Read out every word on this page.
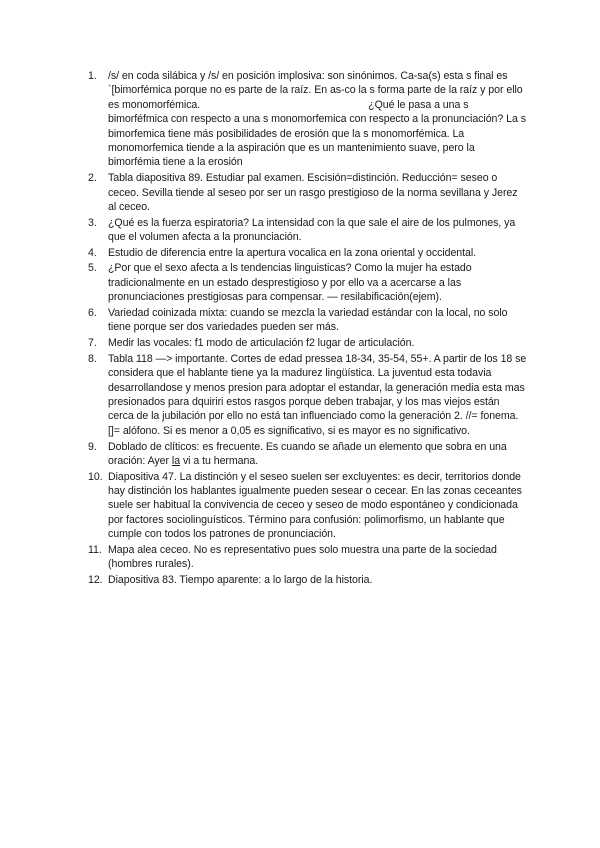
1.	/s/ en coda silábica y /s/ en posición implosiva: son sinónimos. Ca-sa(s) esta s final es `[bimorfémica porque no es parte de la raíz. En as-co la s forma parte de la raíz y por ello es monomorfémica.	¿Qué le pasa a una s bimorféfmica con respecto a una s monomorfemica con respecto a la pronunciación? La s bimorfemica tiene más posibilidades de erosión que la s monomorfémica. La monomorfemica tiende a la aspiración que es un mantenimiento suave, pero la bimorfémia tiene a la erosión
2.	Tabla diapositiva 89. Estudiar pal examen. Escisión=distinción. Reducción= seseo o ceceo. Sevilla tiende al seseo por ser un rasgo prestigioso de la norma sevillana y Jerez al ceceo.
3.	¿Qué es la fuerza espiratoria? La intensidad con la que sale el aire de los pulmones, ya que el volumen afecta a la pronunciación.
4.	Estudio de diferencia entre la apertura vocalica en la zona oriental y occidental.
5.	¿Por que el sexo afecta a ls tendencias linguisticas? Como la mujer ha estado tradicionalmente en un estado desprestigioso y por ello va a acercarse a las pronunciaciones prestigiosas para compensar. — resilabificación(ejem).
6.	Variedad coinizada mixta: cuando se mezcla la variedad estándar con la local, no solo tiene porque ser dos variedades pueden ser más.
7.	Medir las vocales: f1 modo de articulación f2 lugar de articulación.
8.	Tabla 118 —> importante. Cortes de edad pressea 18-34, 35-54, 55+. A partir de los 18 se considera que el hablante tiene ya la madurez lingüística. La juventud esta todavia desarrollandose y menos presion para adoptar el estandar, la generación media esta mas presionados para dquiriri estos rasgos porque deben trabajar, y los mas viejos están cerca de la jubilación por ello no está tan influenciado como la generación 2. //= fonema. []= alófono. Si es menor a 0,05 es significativo, si es mayor es no significativo.
9.	Doblado de clíticos: es frecuente. Es cuando se añade un elemento que sobra en una oración: Ayer la vi a tu hermana.
10. Diapositiva 47. La distinción y el seseo suelen ser excluyentes: es decir, territorios donde hay distinción los hablantes igualmente pueden sesear o cecear. En las zonas ceceantes suele ser habitual la convivencia de ceceo y seseo de modo espontáneo y condicionada por factores sociolinguísticos. Término para confusión: polimorfismo, un hablante que cumple con todos los patrones de pronunciación.
11. Mapa alea ceceo. No es representativo pues solo muestra una parte de la sociedad (hombres rurales).
12. Diapositiva 83. Tiempo aparente: a lo largo de la historia.
